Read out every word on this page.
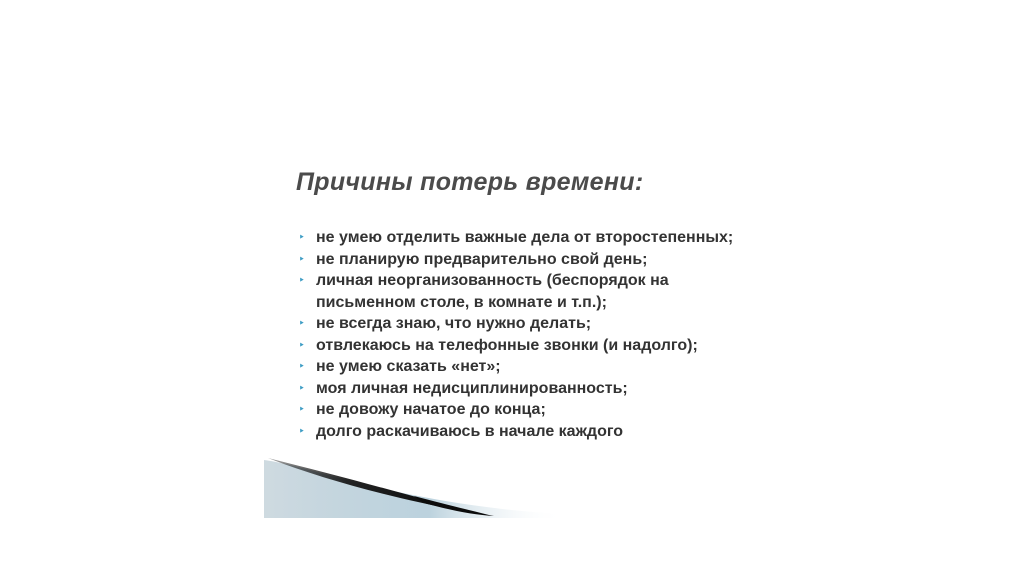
Причины потерь времени:
‣ не умею отделить важные дела от второстепенных;
‣ не планирую предварительно свой день;
‣ личная неорганизованность (беспорядок на письменном столе, в комнате и т.п.);
‣ не всегда знаю, что нужно делать;
‣ отвлекаюсь на телефонные звонки (и надолго);
‣ не умею сказать «нет»;
‣ моя личная недисциплинированность;
‣ не довожу начатое до конца;
‣ долго раскачиваюсь в начале каждого
